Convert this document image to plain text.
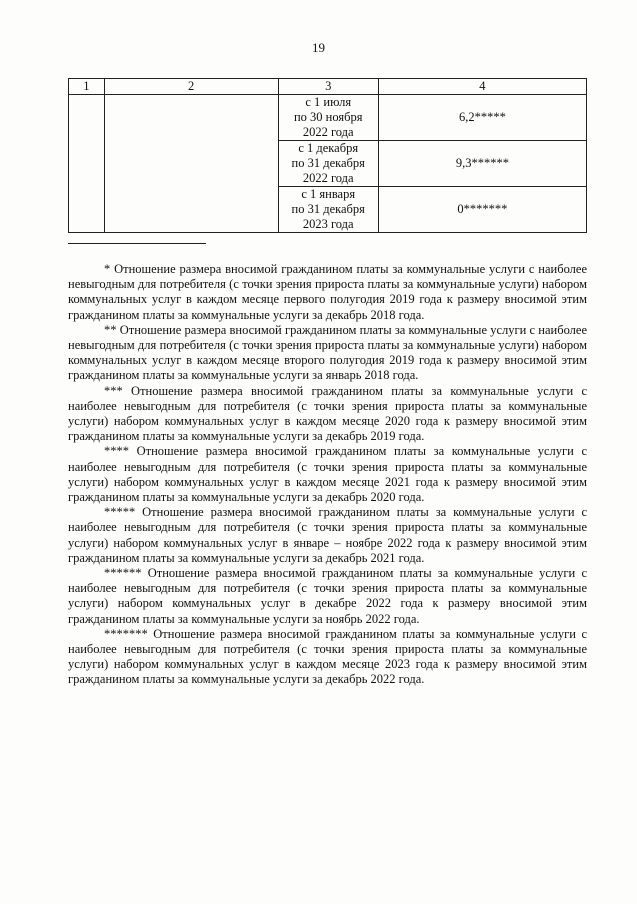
19
1	2	3	4

		с 1 июля
по 30 ноября
2022 года	6,2*****

		с 1 декабря
по 31 декабря
2022 года	9,3******

		с 1 января
по 31 декабря
2023 года	0*******

* Отношение размера вносимой гражданином платы за коммунальные услуги с наиболее невыгодным для потребителя (с точки зрения прироста платы за коммунальные услуги) набором коммунальных услуг в каждом месяце первого полугодия 2019 года к размеру вносимой этим гражданином платы за коммунальные услуги за декабрь 2018 года.

** Отношение размера вносимой гражданином платы за коммунальные услуги с наиболее невыгодным для потребителя (с точки зрения прироста платы за коммунальные услуги) набором коммунальных услуг в каждом месяце второго полугодия 2019 года к размеру вносимой этим гражданином платы за коммунальные услуги за январь 2018 года.

*** Отношение размера вносимой гражданином платы за коммунальные услуги с наиболее невыгодным для потребителя (с точки зрения прироста платы за коммунальные услуги) набором коммунальных услуг в каждом месяце 2020 года к размеру вносимой этим гражданином платы за коммунальные услуги за декабрь 2019 года.

**** Отношение размера вносимой гражданином платы за коммунальные услуги с наиболее невыгодным для потребителя (с точки зрения прироста платы за коммунальные услуги) набором коммунальных услуг в каждом месяце 2021 года к размеру вносимой этим гражданином платы за коммунальные услуги за декабрь 2020 года.

***** Отношение размера вносимой гражданином платы за коммунальные услуги с наиболее невыгодным для потребителя (с точки зрения прироста платы за коммунальные услуги) набором коммунальных услуг в январе – ноябре 2022 года к размеру вносимой этим гражданином платы за коммунальные услуги за декабрь 2021 года.

****** Отношение размера вносимой гражданином платы за коммунальные услуги с наиболее невыгодным для потребителя (с точки зрения прироста платы за коммунальные услуги) набором коммунальных услуг в декабре 2022 года к размеру вносимой этим гражданином платы за коммунальные услуги за ноябрь 2022 года.

******* Отношение размера вносимой гражданином платы за коммунальные услуги с наиболее невыгодным для потребителя (с точки зрения прироста платы за коммунальные услуги) набором коммунальных услуг в каждом месяце 2023 года к размеру вносимой этим гражданином платы за коммунальные услуги за декабрь 2022 года.
